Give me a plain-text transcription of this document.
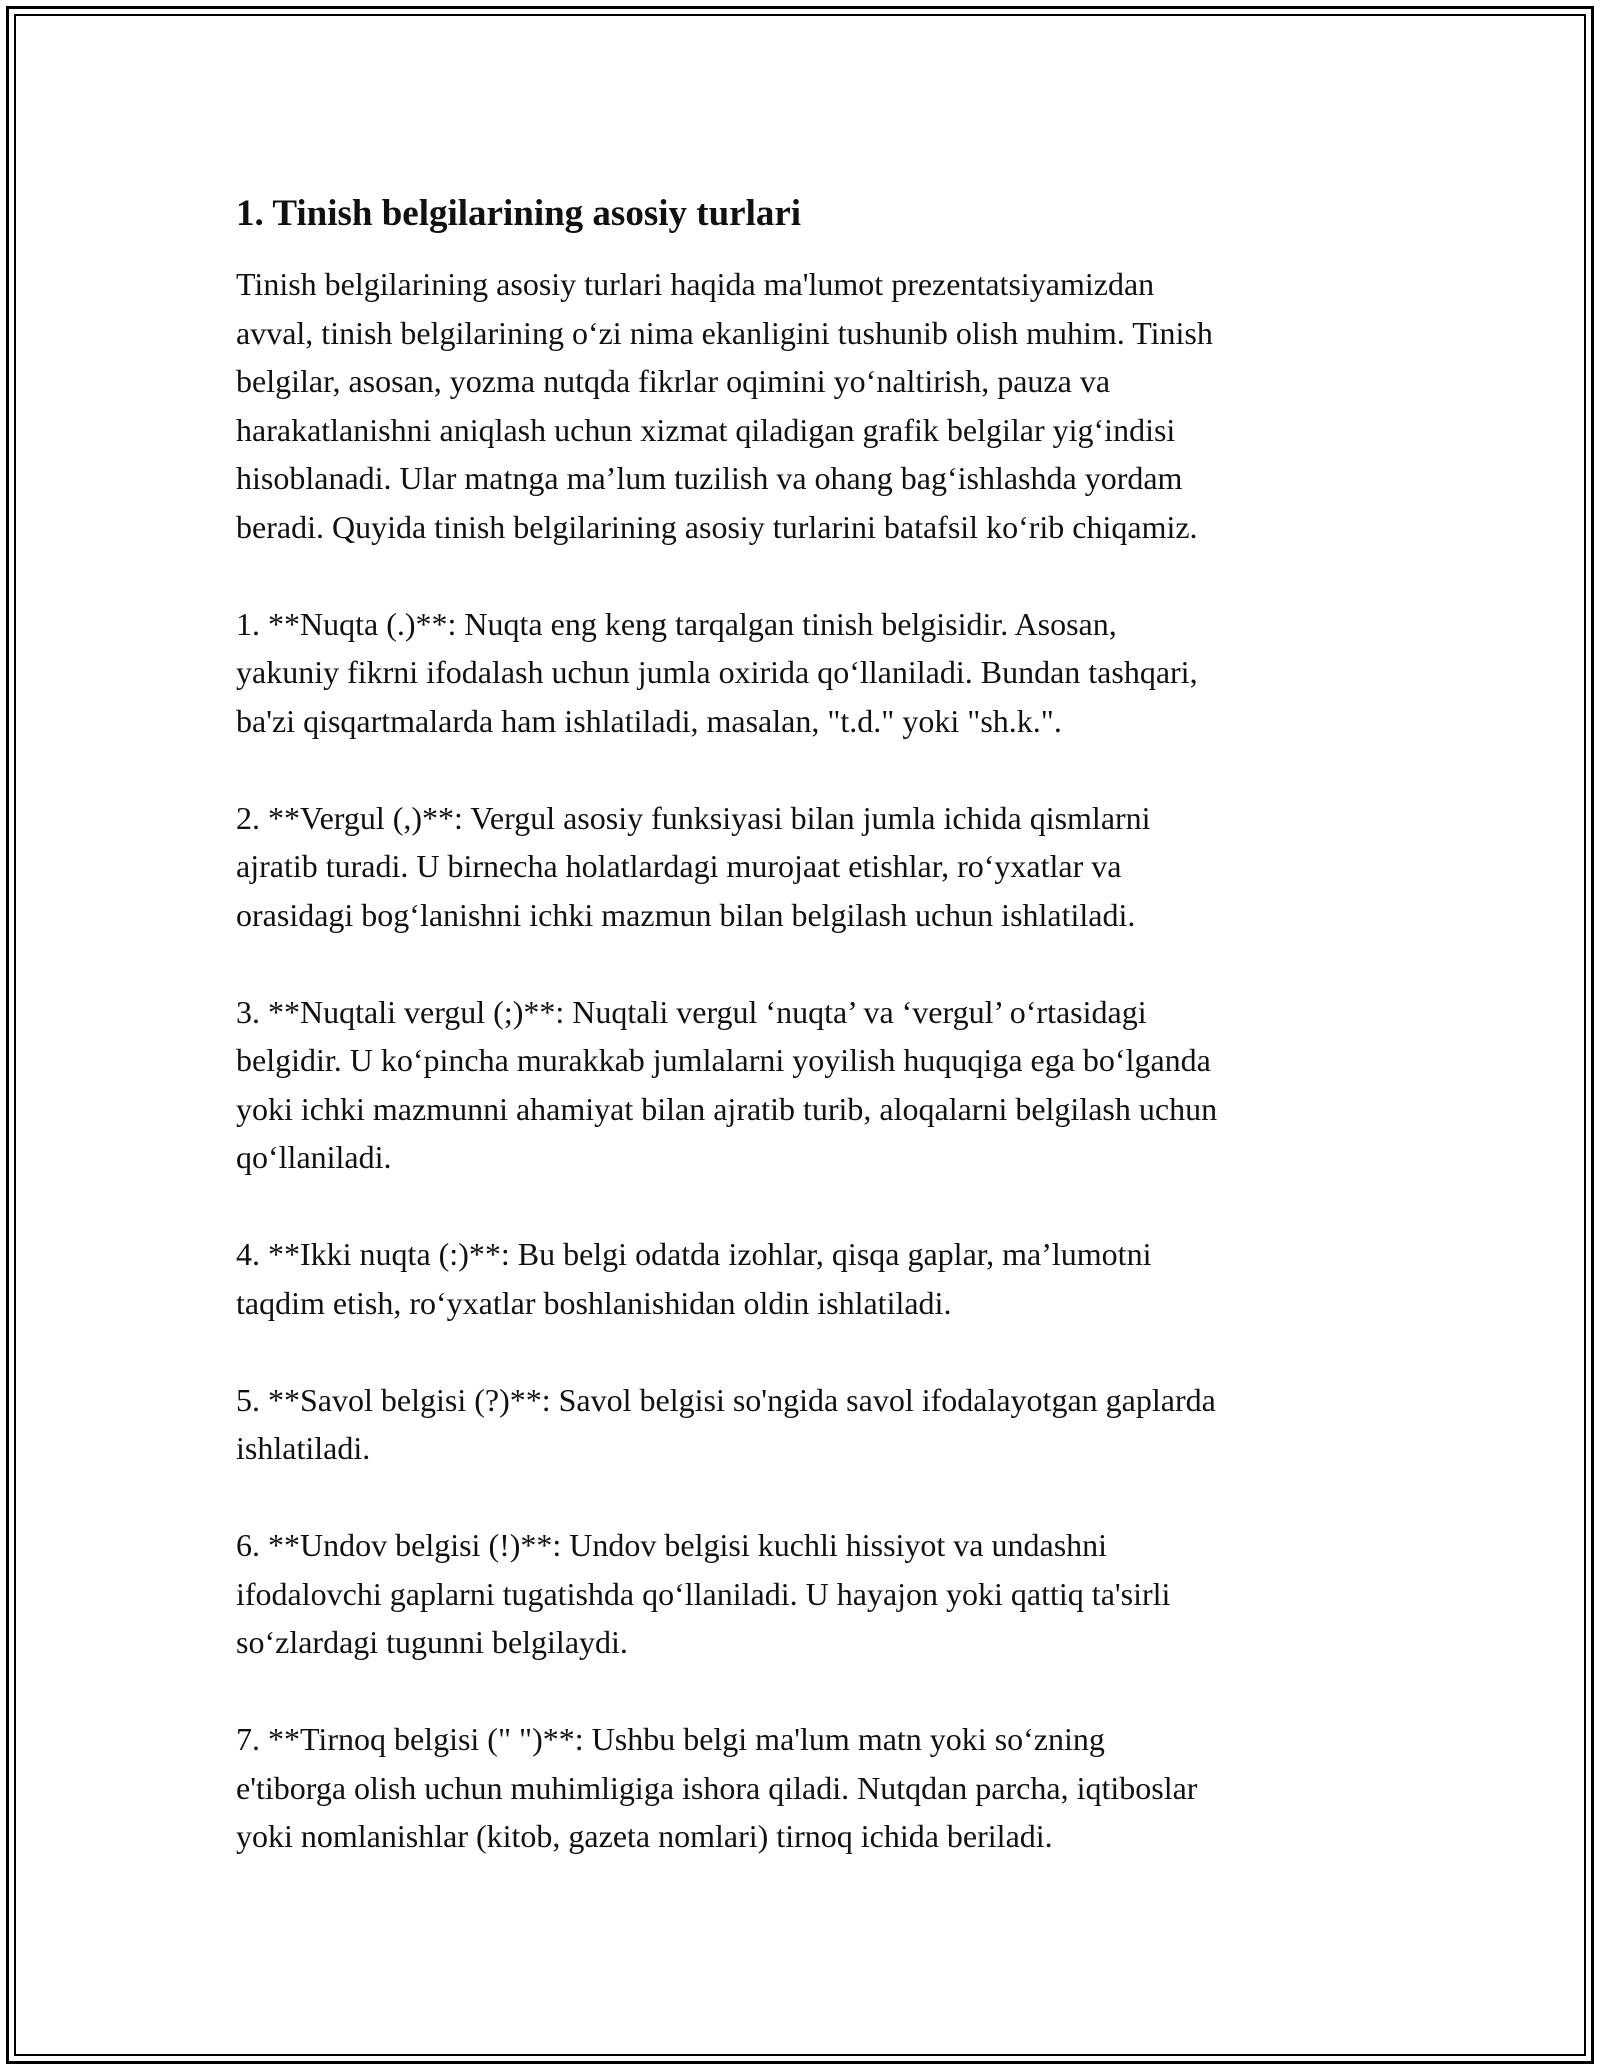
1. Tinish belgilarining asosiy turlari

Tinish belgilarining asosiy turlari haqida ma'lumot prezentatsiyamizdan
avval, tinish belgilarining o‘zi nima ekanligini tushunib olish muhim. Tinish
belgilar, asosan, yozma nutqda fikrlar oqimini yo‘naltirish, pauza va
harakatlanishni aniqlash uchun xizmat qiladigan grafik belgilar yig‘indisi
hisoblanadi. Ular matnga ma’lum tuzilish va ohang bag‘ishlashda yordam
beradi. Quyida tinish belgilarining asosiy turlarini batafsil ko‘rib chiqamiz.

1. **Nuqta (.)**: Nuqta eng keng tarqalgan tinish belgisidir. Asosan,
yakuniy fikrni ifodalash uchun jumla oxirida qo‘llaniladi. Bundan tashqari,
ba'zi qisqartmalarda ham ishlatiladi, masalan, "t.d." yoki "sh.k.".

2. **Vergul (,)**: Vergul asosiy funksiyasi bilan jumla ichida qismlarni
ajratib turadi. U birnecha holatlardagi murojaat etishlar, ro‘yxatlar va
orasidagi bog‘lanishni ichki mazmun bilan belgilash uchun ishlatiladi.

3. **Nuqtali vergul (;)**: Nuqtali vergul ‘nuqta’ va ‘vergul’ o‘rtasidagi
belgidir. U ko‘pincha murakkab jumlalarni yoyilish huquqiga ega bo‘lganda
yoki ichki mazmunni ahamiyat bilan ajratib turib, aloqalarni belgilash uchun
qo‘llaniladi.

4. **Ikki nuqta (:)**: Bu belgi odatda izohlar, qisqa gaplar, ma’lumotni
taqdim etish, ro‘yxatlar boshlanishidan oldin ishlatiladi.

5. **Savol belgisi (?)**: Savol belgisi so'ngida savol ifodalayotgan gaplarda
ishlatiladi.

6. **Undov belgisi (!)**: Undov belgisi kuchli hissiyot va undashni
ifodalovchi gaplarni tugatishda qo‘llaniladi. U hayajon yoki qattiq ta'sirli
so‘zlardagi tugunni belgilaydi.

7. **Tirnoq belgisi (" ")**: Ushbu belgi ma'lum matn yoki so‘zning
e'tiborga olish uchun muhimligiga ishora qiladi. Nutqdan parcha, iqtiboslar
yoki nomlanishlar (kitob, gazeta nomlari) tirnoq ichida beriladi.
